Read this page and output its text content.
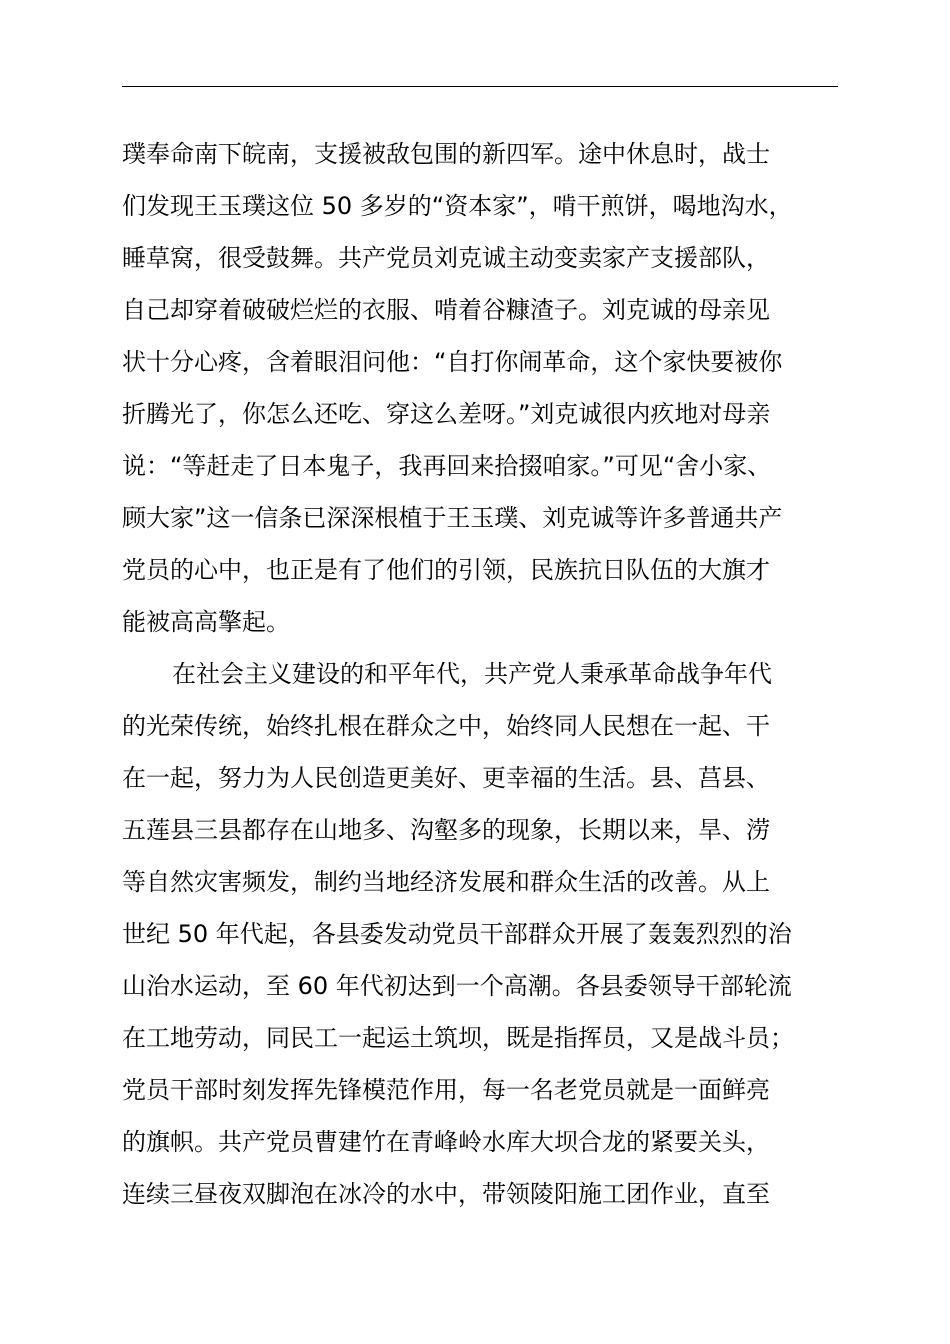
璞奉命南下皖南，支援被敌包围的新四军。途中休息时，战士
们发现王玉璞这位 50 多岁的“资本家”，啃干煎饼，喝地沟水，
睡草窝，很受鼓舞。共产党员刘克诚主动变卖家产支援部队，
自己却穿着破破烂烂的衣服、啃着谷糠渣子。刘克诚的母亲见
状十分心疼，含着眼泪问他：“自打你闹革命，这个家快要被你
折腾光了，你怎么还吃、穿这么差呀。”刘克诚很内疚地对母亲
说：“等赶走了日本鬼子，我再回来拾掇咱家。”可见“舍小家、
顾大家”这一信条已深深根植于王玉璞、刘克诚等许多普通共产
党员的心中，也正是有了他们的引领，民族抗日队伍的大旗才
能被高高擎起。
在社会主义建设的和平年代，共产党人秉承革命战争年代
的光荣传统，始终扎根在群众之中，始终同人民想在一起、干
在一起，努力为人民创造更美好、更幸福的生活。县、莒县、
五莲县三县都存在山地多、沟壑多的现象，长期以来，旱、涝
等自然灾害频发，制约当地经济发展和群众生活的改善。从上
世纪 50 年代起，各县委发动党员干部群众开展了轰轰烈烈的治
山治水运动，至 60 年代初达到一个高潮。各县委领导干部轮流
在工地劳动，同民工一起运土筑坝，既是指挥员，又是战斗员；
党员干部时刻发挥先锋模范作用，每一名老党员就是一面鲜亮
的旗帜。共产党员曹建竹在青峰岭水库大坝合龙的紧要关头，
连续三昼夜双脚泡在冰冷的水中，带领陵阳施工团作业，直至
